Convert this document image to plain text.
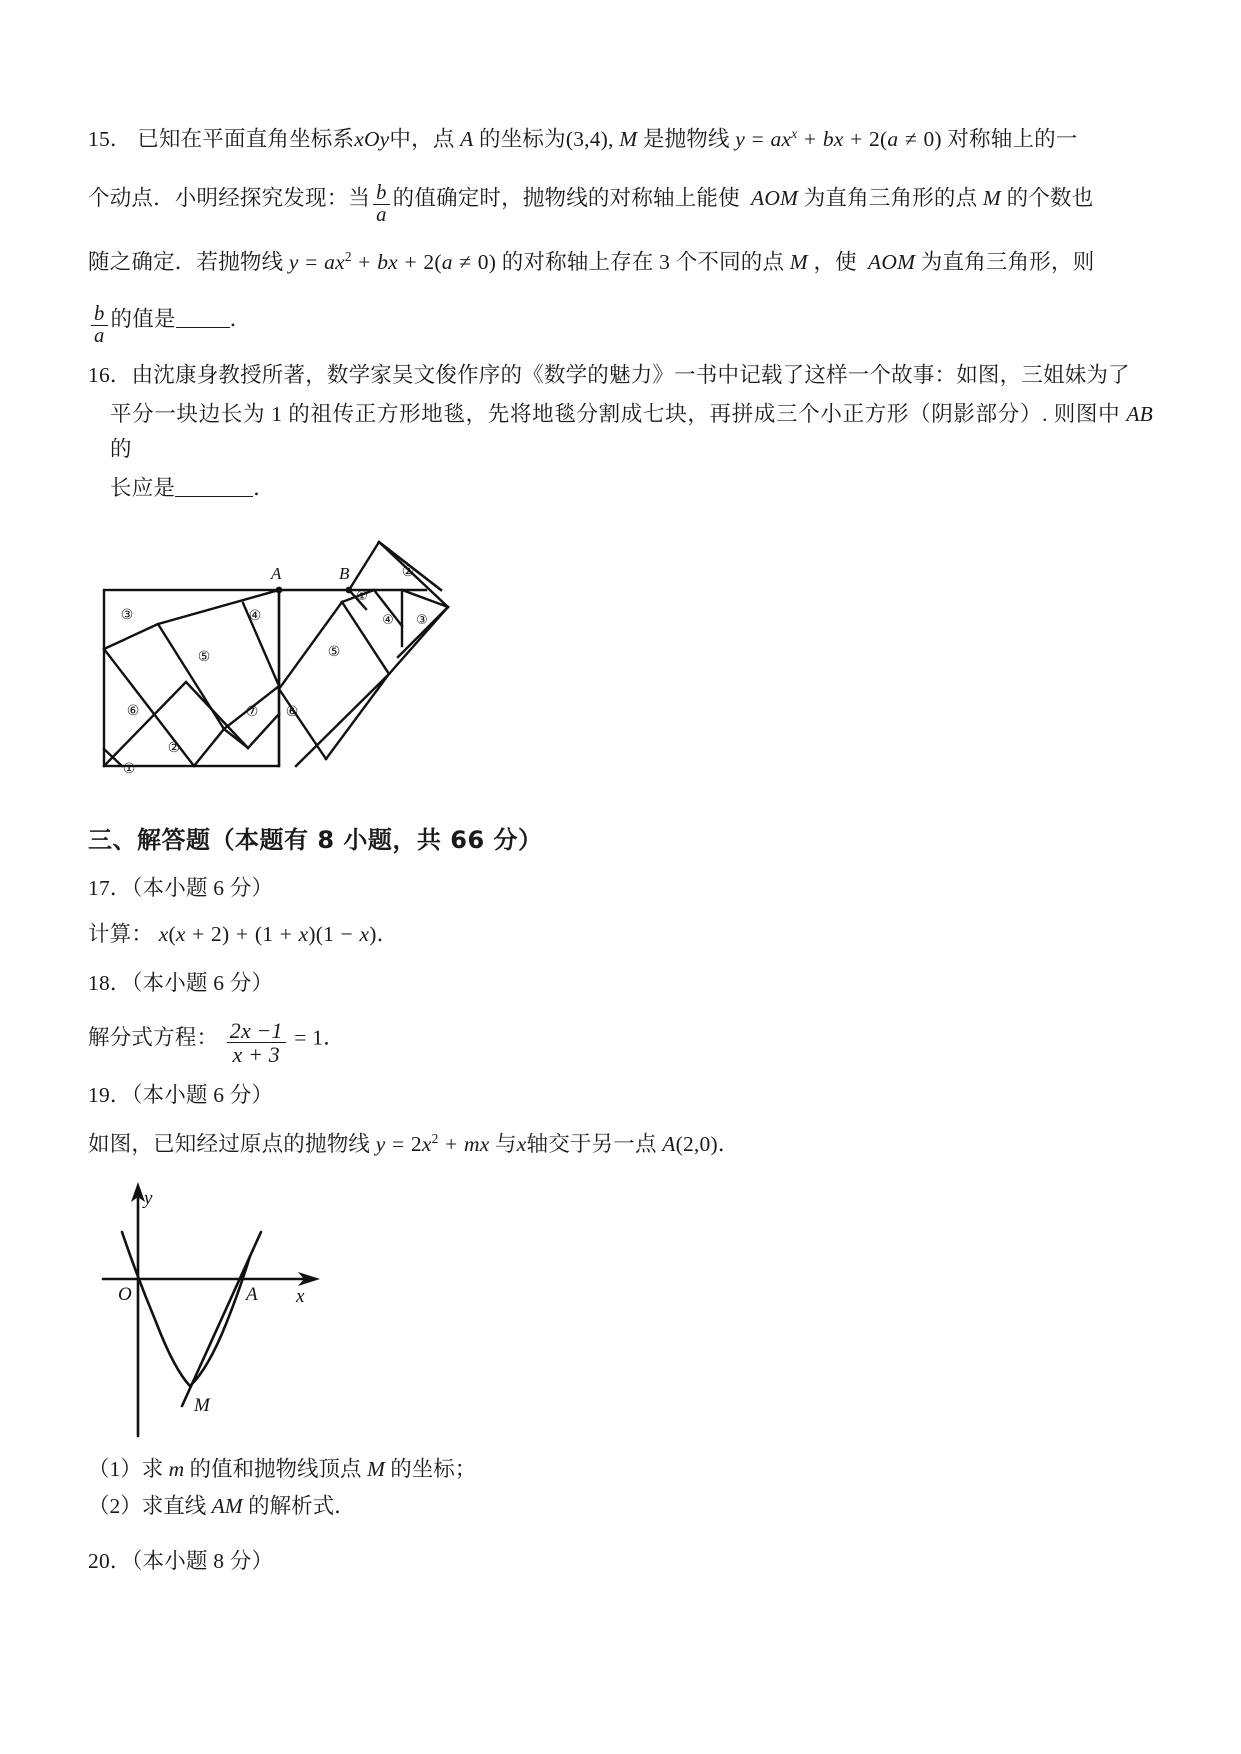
15． 已知在平面直角坐标系xOy中，点 A 的坐标为(3,4), M 是抛物线 $y = ax^x$ + bx + 2(a ≠ 0) 对称轴上的一
个动点．小明经探究发现：当 $\frac{b}{a}$ 的值确定时，抛物线的对称轴上能使 AOM 为直角三角形的点 M 的个数也
随之确定．若抛物线 $y = ax^2$ + bx + 2(a ≠ 0) 的对称轴上存在 3 个不同的点 M ，使 AOM 为直角三角形，则
$\frac{b}{a}$ 的值是	．
16．由沈康身教授所著，数学家吴文俊作序的《数学的魅力》一书中记载了这样一个故事：如图，三姐妹为了
平分一块边长为 1 的祖传正方形地毯，先将地毯分割成七块，再拼成三个小正方形（阴影部分）. 则图中 AB 的
长应是	．
A	B
③	④
⑤
⑥	⑦
②
①
①
②
④ ③
⑤
⑥
三、解答题（本题有 8 小题，共 66 分）
17．（本小题 6 分）
计算： x(x + 2) + (1 + x)(1 − x)．
18．（本小题 6 分）
解分式方程： $\frac{2x -1}{x + 3} = 1$．
19．（本小题 6 分）
如图，已知经过原点的抛物线 $y = 2x^2$ + mx 与x轴交于另一点 A(2,0)．
O
y
x
A
M
（1）求 m 的值和抛物线顶点 M 的坐标；
（2）求直线 AM 的解析式．
20．（本小题 8 分）
